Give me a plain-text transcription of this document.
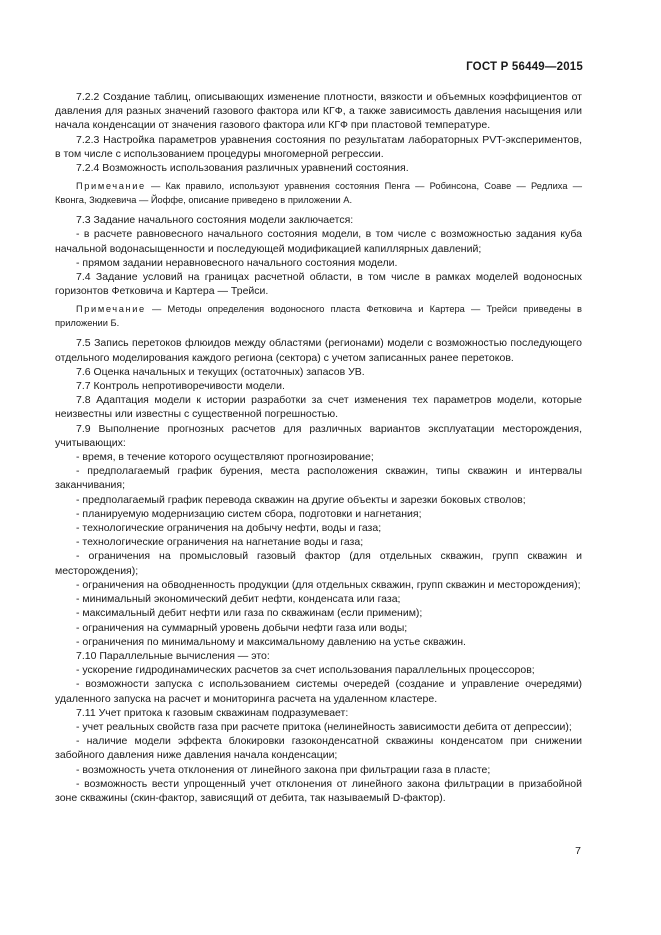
ГОСТ Р 56449—2015

7.2.2 Создание таблиц, описывающих изменение плотности, вязкости и объемных коэффициентов от давления для разных значений газового фактора или КГФ, а также зависимость давления насыщения или начала конденсации от значения газового фактора или КГФ при пластовой температуре.

7.2.3 Настройка параметров уравнения состояния по результатам лабораторных PVT-экспериментов, в том числе с использованием процедуры многомерной регрессии.

7.2.4 Возможность использования различных уравнений состояния.

Примечание — Как правило, используют уравнения состояния Пенга — Робинсона, Соаве — Редлиха — Квонга, Зюдкевича — Йоффе, описание приведено в приложении А.

7.3 Задание начального состояния модели заключается:

- в расчете равновесного начального состояния модели, в том числе с возможностью задания куба начальной водонасыщенности и последующей модификацией капиллярных давлений;

- прямом задании неравновесного начального состояния модели.

7.4 Задание условий на границах расчетной области, в том числе в рамках моделей водоносных горизонтов Фетковича и Картера — Трейси.

Примечание — Методы определения водоносного пласта Фетковича и Картера — Трейси приведены в приложении Б.

7.5 Запись перетоков флюидов между областями (регионами) модели с возможностью последующего отдельного моделирования каждого региона (сектора) с учетом записанных ранее перетоков.

7.6 Оценка начальных и текущих (остаточных) запасов УВ.

7.7 Контроль непротиворечивости модели.

7.8 Адаптация модели к истории разработки за счет изменения тех параметров модели, которые неизвестны или известны с существенной погрешностью.

7.9 Выполнение прогнозных расчетов для различных вариантов эксплуатации месторождения, учитывающих:

- время, в течение которого осуществляют прогнозирование;

- предполагаемый график бурения, места расположения скважин, типы скважин и интервалы заканчивания;

- предполагаемый график перевода скважин на другие объекты и зарезки боковых стволов;

- планируемую модернизацию систем сбора, подготовки и нагнетания;

- технологические ограничения на добычу нефти, воды и газа;

- технологические ограничения на нагнетание воды и газа;

- ограничения на промысловый газовый фактор (для отдельных скважин, групп скважин и месторождения);

- ограничения на обводненность продукции (для отдельных скважин, групп скважин и месторождения);

- минимальный экономический дебит нефти, конденсата или газа;

- максимальный дебит нефти или газа по скважинам (если применим);

- ограничения на суммарный уровень добычи нефти газа или воды;

- ограничения по минимальному и максимальному давлению на устье скважин.

7.10 Параллельные вычисления — это:

- ускорение гидродинамических расчетов за счет использования параллельных процессоров;

- возможности запуска с использованием системы очередей (создание и управление очередями) удаленного запуска на расчет и мониторинга расчета на удаленном кластере.

7.11 Учет притока к газовым скважинам подразумевает:

- учет реальных свойств газа при расчете притока (нелинейность зависимости дебита от депрессии);

- наличие модели эффекта блокировки газоконденсатной скважины конденсатом при снижении забойного давления ниже давления начала конденсации;

- возможность учета отклонения от линейного закона при фильтрации газа в пласте;

- возможность вести упрощенный учет отклонения от линейного закона фильтрации в призабойной зоне скважины (скин-фактор, зависящий от дебита, так называемый D-фактор).

7
